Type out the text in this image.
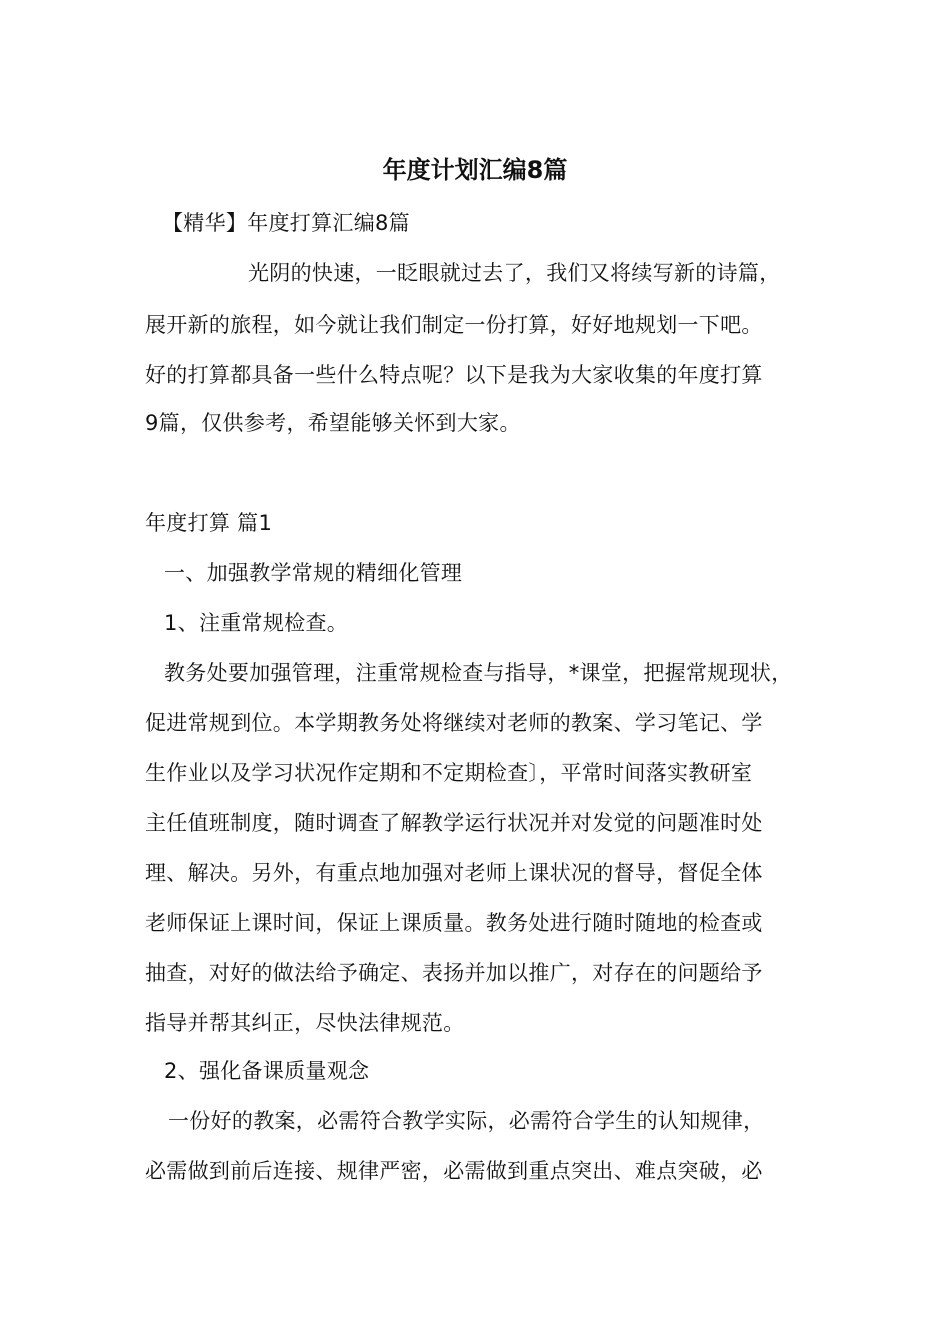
年度计划汇编8篇
【精华】年度打算汇编8篇
光阴的快速，一眨眼就过去了，我们又将续写新的诗篇，
展开新的旅程，如今就让我们制定一份打算，好好地规划一下吧。
好的打算都具备一些什么特点呢？以下是我为大家收集的年度打算
9篇，仅供参考，希望能够关怀到大家。
年度打算 篇1
一、加强教学常规的精细化管理
1、注重常规检查。
教务处要加强管理，注重常规检查与指导，*课堂，把握常规现状，
促进常规到位。本学期教务处将继续对老师的教案、学习笔记、学
生作业以及学习状况作定期和不定期检查〕，平常时间落实教研室
主任值班制度，随时调查了解教学运行状况并对发觉的问题准时处
理、解决。另外，有重点地加强对老师上课状况的督导，督促全体
老师保证上课时间，保证上课质量。教务处进行随时随地的检查或
抽查，对好的做法给予确定、表扬并加以推广，对存在的问题给予
指导并帮其纠正，尽快法律规范。
2、强化备课质量观念
一份好的教案，必需符合教学实际，必需符合学生的认知规律，
必需做到前后连接、规律严密，必需做到重点突出、难点突破，必
